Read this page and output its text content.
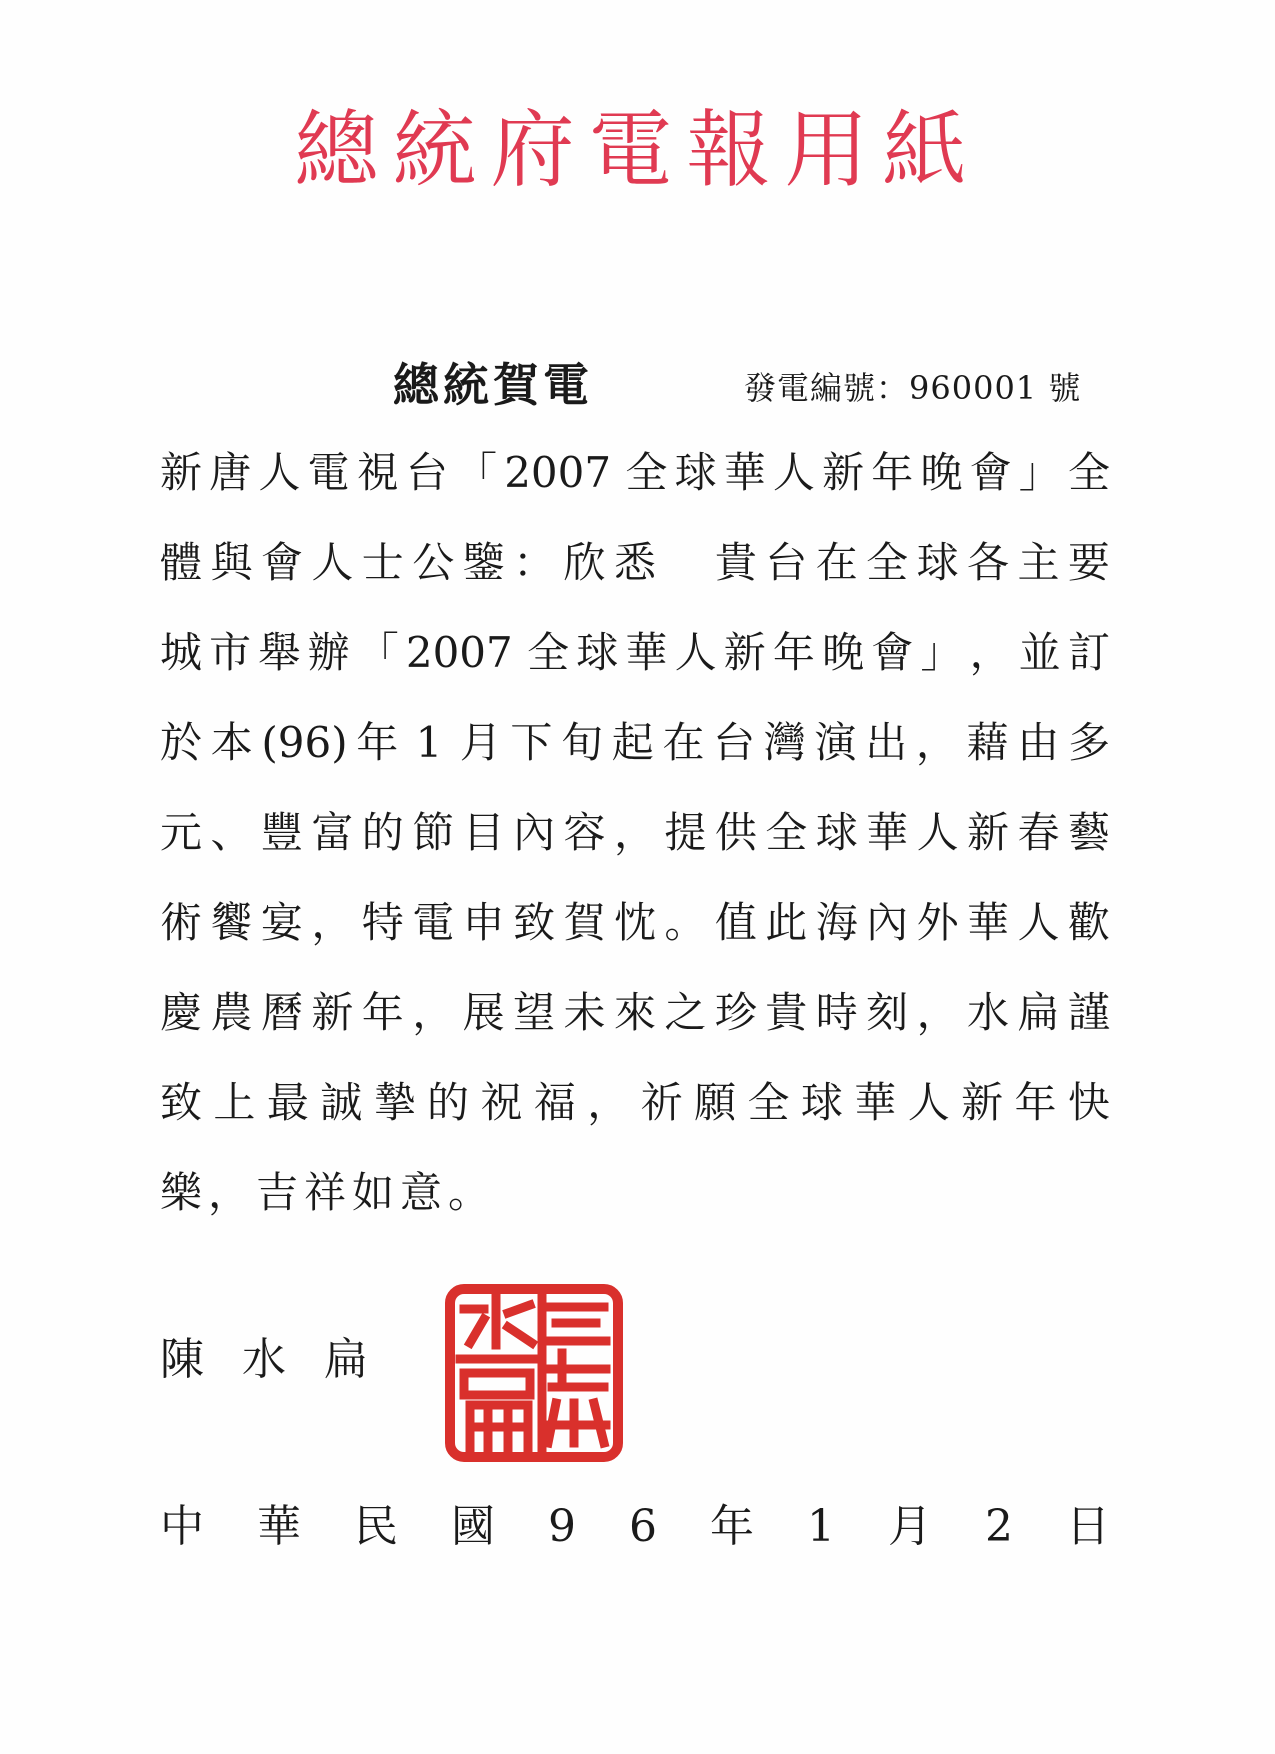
總統府電報用紙
總統賀電	發電編號：960001 號
新 唐 人 電 視 台 「 2007 全 球 華 人 新 年 晚 會 」 全
體 與 會 人 士 公 鑒 ： 欣 悉
　 貴 台 在 全 球 各 主 要
城 市 舉 辦 「 2007 全 球 華 人 新 年 晚 會 」 ， 並 訂
於 本 (96) 年 1 月 下 旬 起 在 台 灣 演 出 ， 藉 由 多
元 、 豐 富 的 節 目 內 容 ， 提 供 全 球 華 人 新 春 藝
術 饗 宴 ， 特 電 申 致 賀 忱 。 值 此 海 內 外 華 人 歡
慶 農 曆 新 年 ， 展 望 未 來 之 珍 貴 時 刻 ， 水 扁 謹
致 上 最 誠 摯 的 祝 福 ， 祈 願 全 球 華 人 新 年 快
樂，吉祥如意。
陳水扁
中 華 民 國 9 6 年 1 月 2 日
